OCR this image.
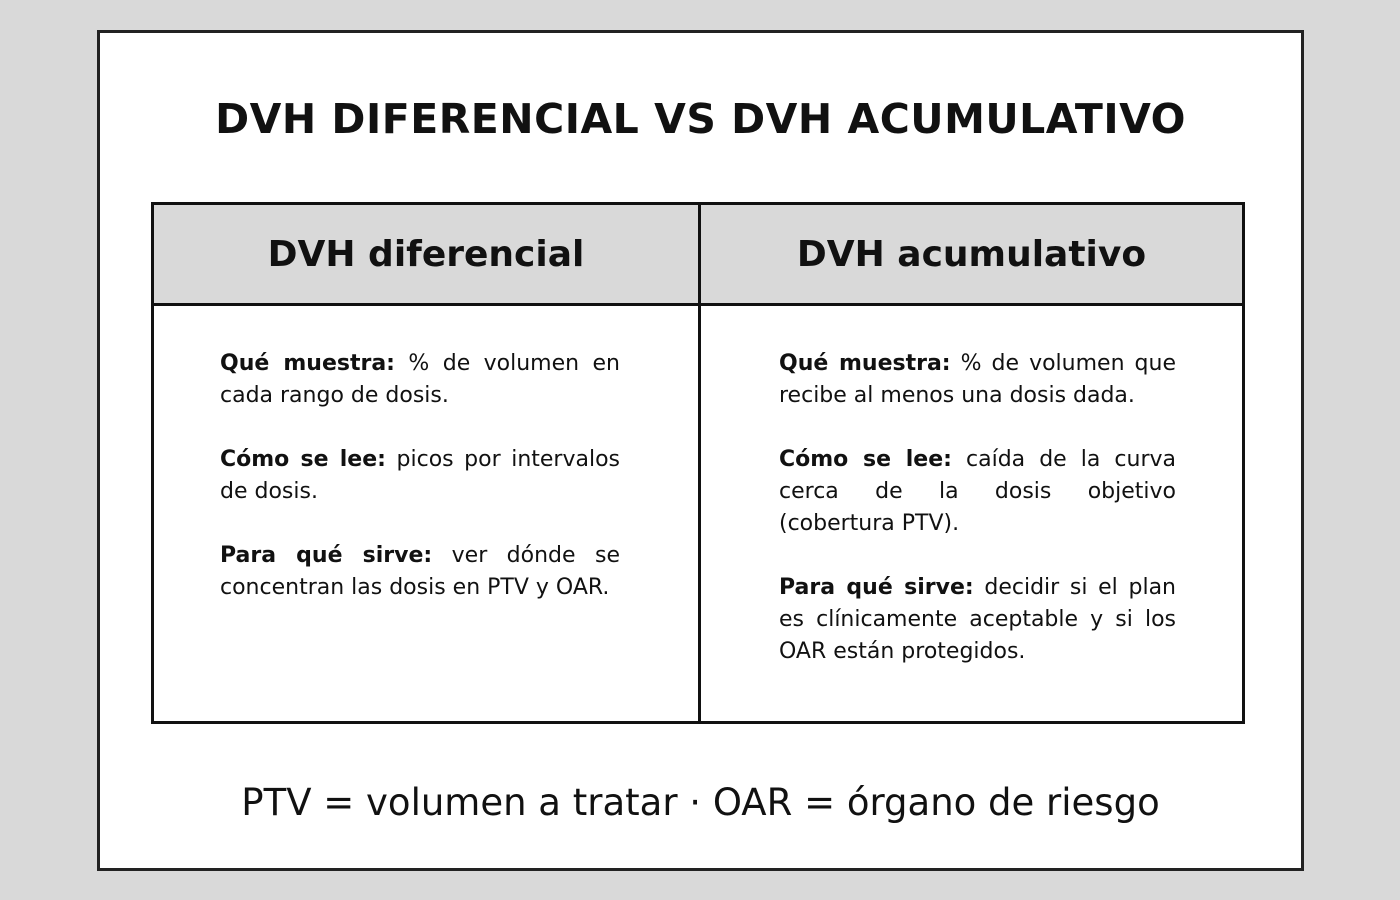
DVH DIFERENCIAL VS DVH ACUMULATIVO
DVH diferencial

Qué muestra: % de volumen en cada rango de dosis.

Cómo se lee: picos por intervalos de dosis.

Para qué sirve: ver dónde se concentran las dosis en PTV y OAR.

DVH acumulativo

Qué muestra: % de volumen que recibe al menos una dosis dada.

Cómo se lee: caída de la curva cerca de la dosis objetivo (cobertura PTV).

Para qué sirve: decidir si el plan es clínicamente aceptable y si los OAR están protegidos.

PTV = volumen a tratar · OAR = órgano de riesgo
